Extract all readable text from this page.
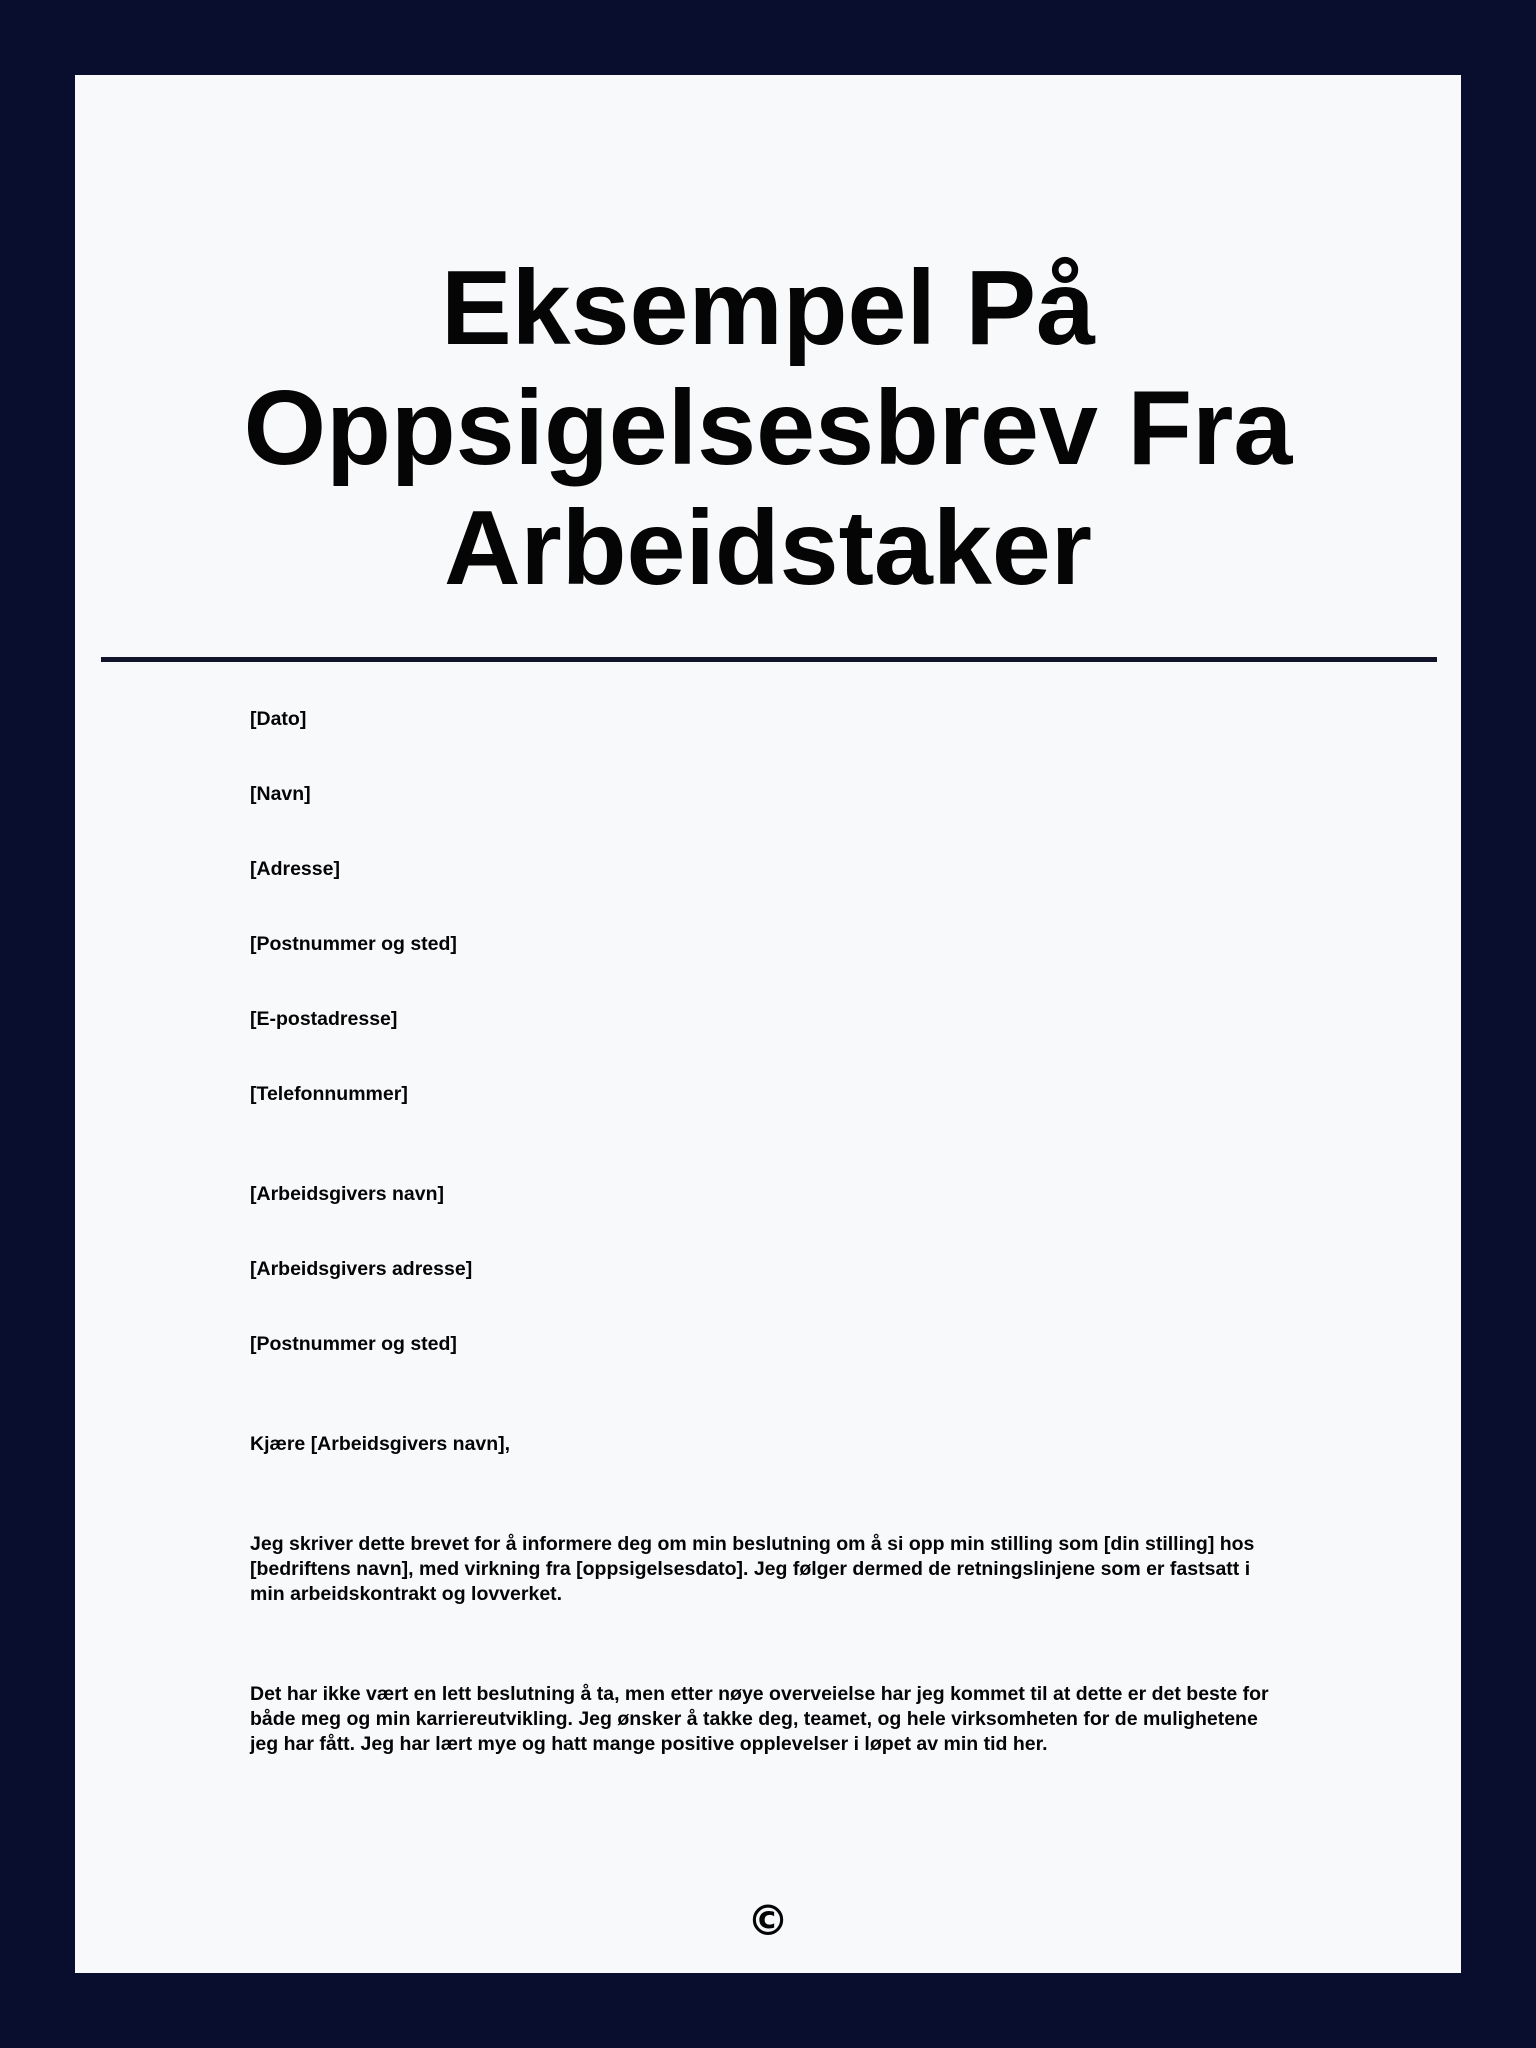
Eksempel På Oppsigelsesbrev Fra Arbeidstaker

[Dato]

[Navn]

[Adresse]

[Postnummer og sted]

[E-postadresse]

[Telefonnummer]

[Arbeidsgivers navn]

[Arbeidsgivers adresse]

[Postnummer og sted]

Kjære [Arbeidsgivers navn],

Jeg skriver dette brevet for å informere deg om min beslutning om å si opp min stilling som [din stilling] hos [bedriftens navn], med virkning fra [oppsigelsesdato]. Jeg følger dermed de retningslinjene som er fastsatt i min arbeidskontrakt og lovverket.

Det har ikke vært en lett beslutning å ta, men etter nøye overveielse har jeg kommet til at dette er det beste for både meg og min karriereutvikling. Jeg ønsker å takke deg, teamet, og hele virksomheten for de mulighetene jeg har fått. Jeg har lært mye og hatt mange positive opplevelser i løpet av min tid her.

©
